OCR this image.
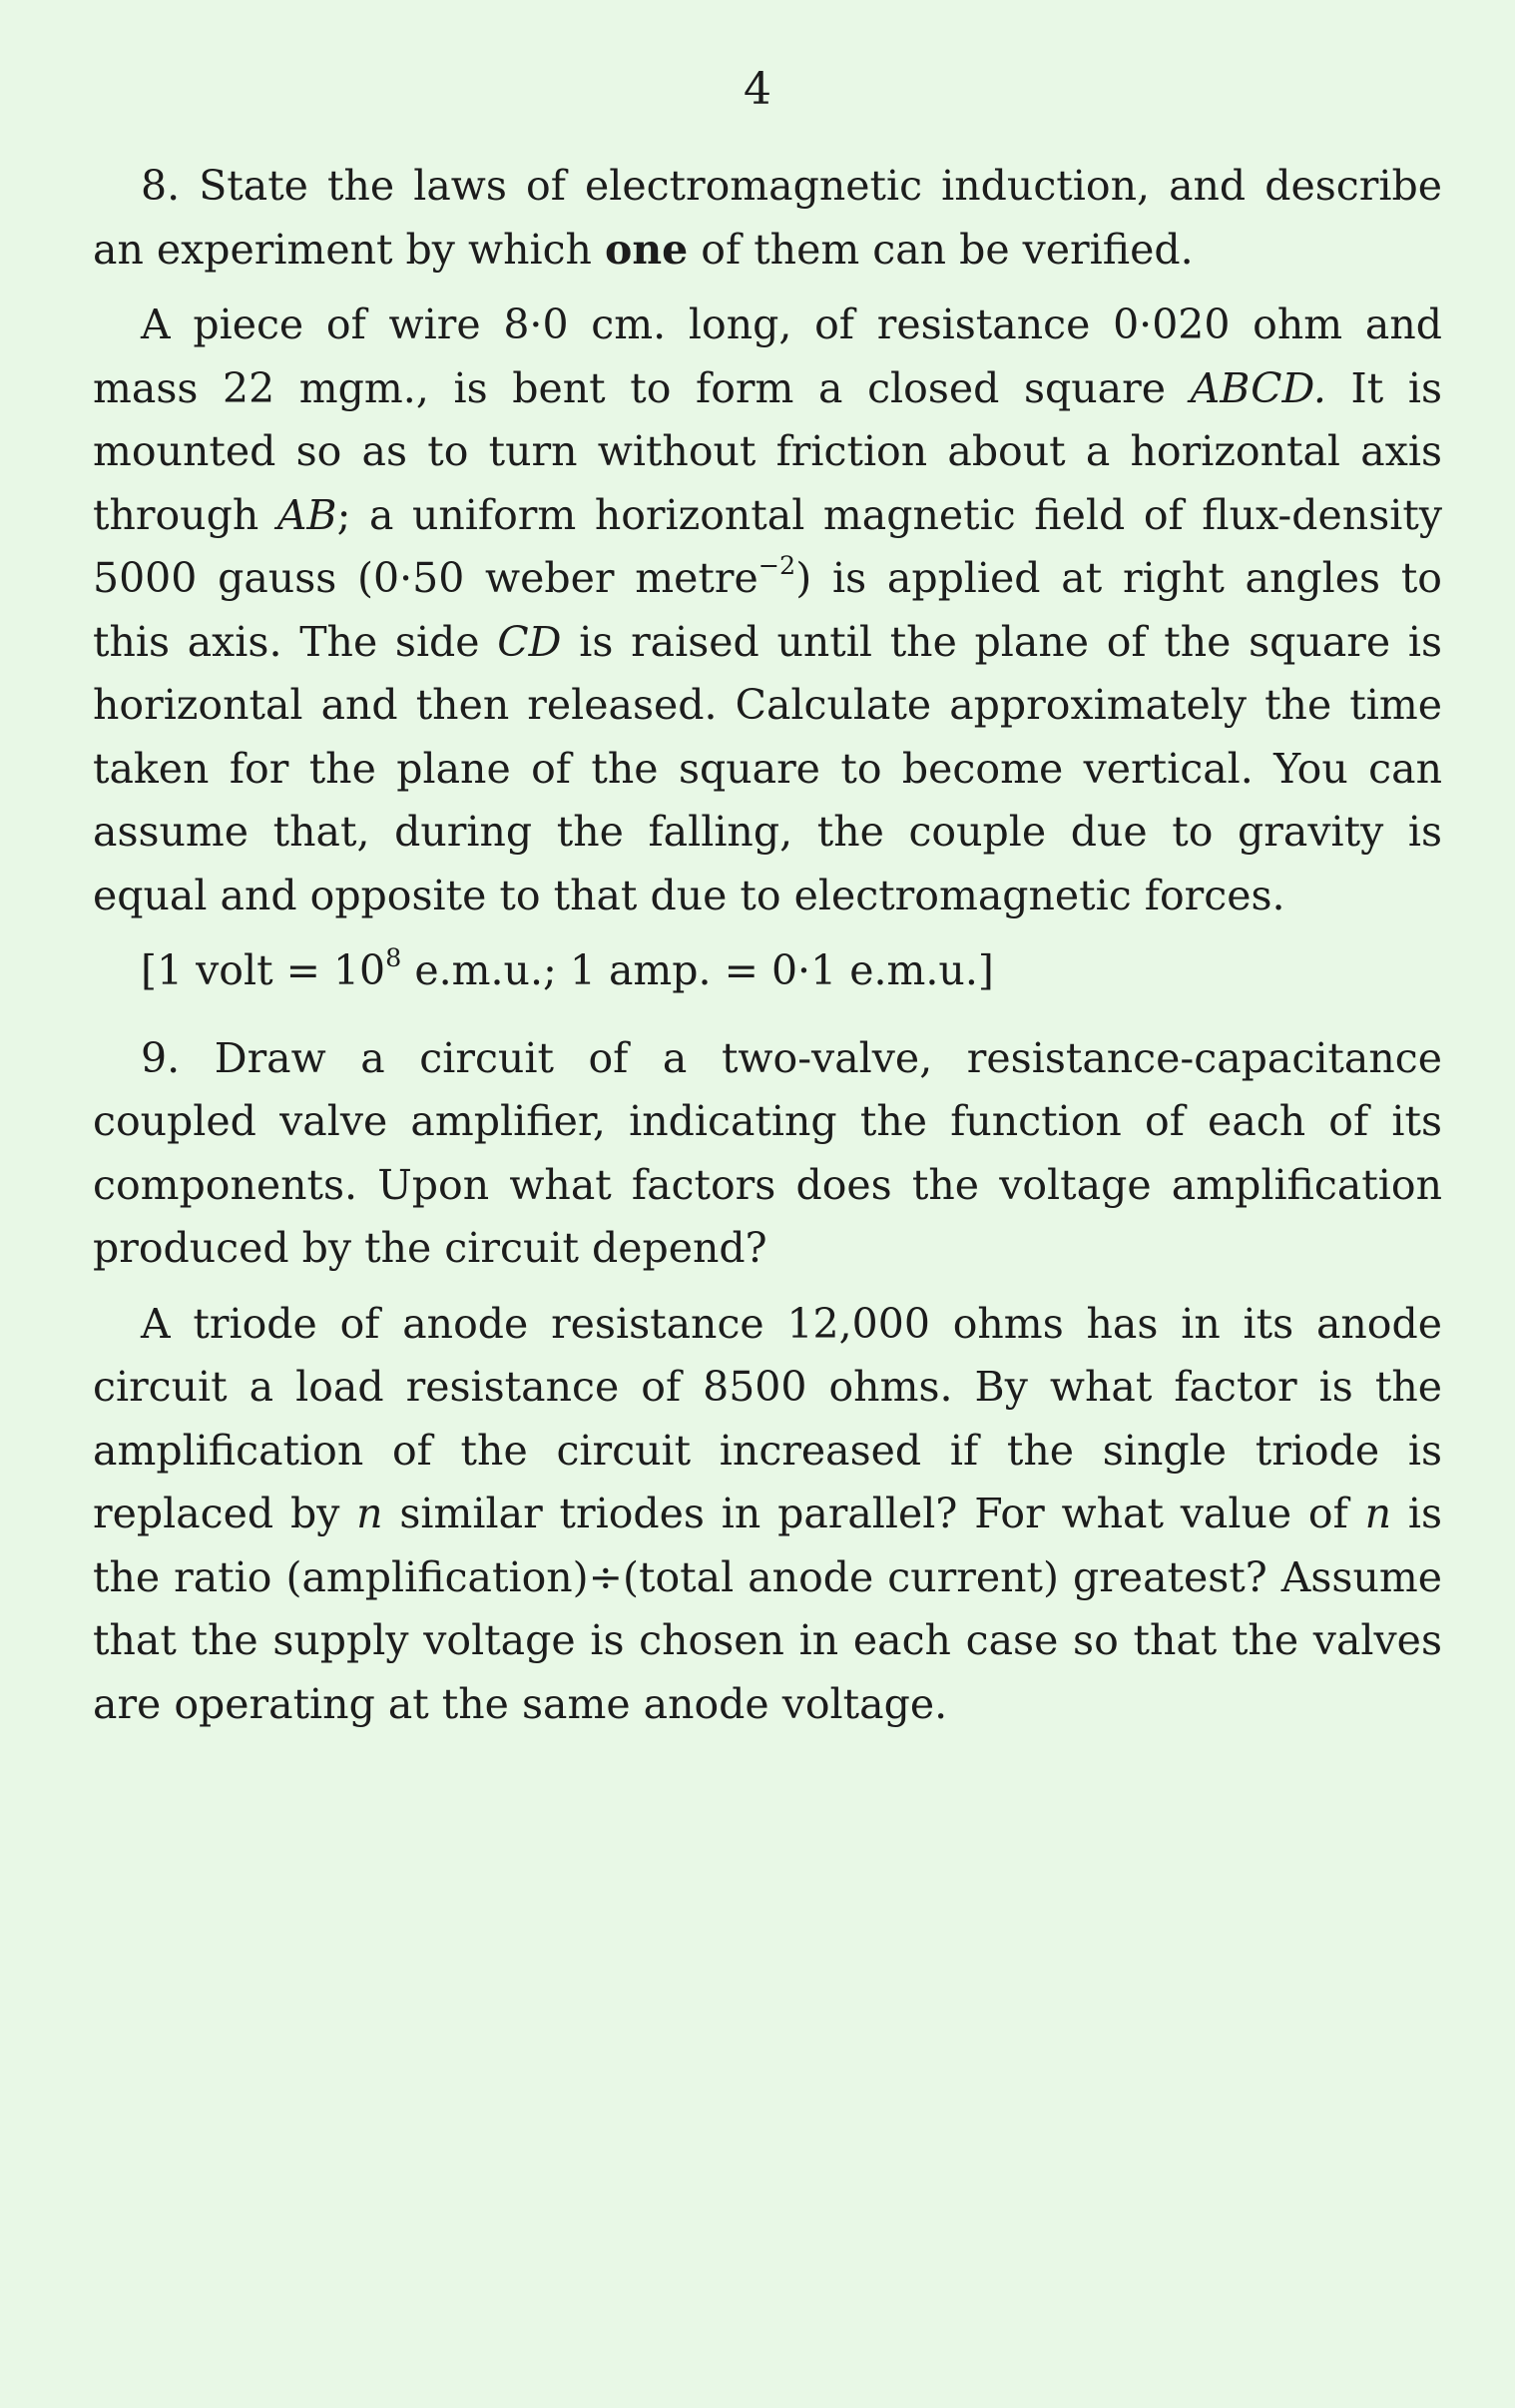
4

8. State the laws of electromagnetic induction, and describe an experiment by which one of them can be verified.

A piece of wire 8·0 cm. long, of resistance 0·020 ohm and mass 22 mgm., is bent to form a closed square ABCD. It is mounted so as to turn without friction about a horizontal axis through AB; a uniform horizontal magnetic field of flux-density 5000 gauss (0·50 weber metre$^{-2}$) is applied at right angles to this axis. The side CD is raised until the plane of the square is horizontal and then released. Calculate approximately the time taken for the plane of the square to become vertical. You can assume that, during the falling, the couple due to gravity is equal and opposite to that due to electromagnetic forces.

[1 volt = $10^8$ e.m.u.; 1 amp. = 0·1 e.m.u.]

9. Draw a circuit of a two-valve, resistance-capacitance coupled valve amplifier, indicating the function of each of its components. Upon what factors does the voltage amplification produced by the circuit depend?

A triode of anode resistance 12,000 ohms has in its anode circuit a load resistance of 8500 ohms. By what factor is the amplification of the circuit increased if the single triode is replaced by n similar triodes in parallel? For what value of n is the ratio (amplification)÷(total anode current) greatest? Assume that the supply voltage is chosen in each case so that the valves are operating at the same anode voltage.
